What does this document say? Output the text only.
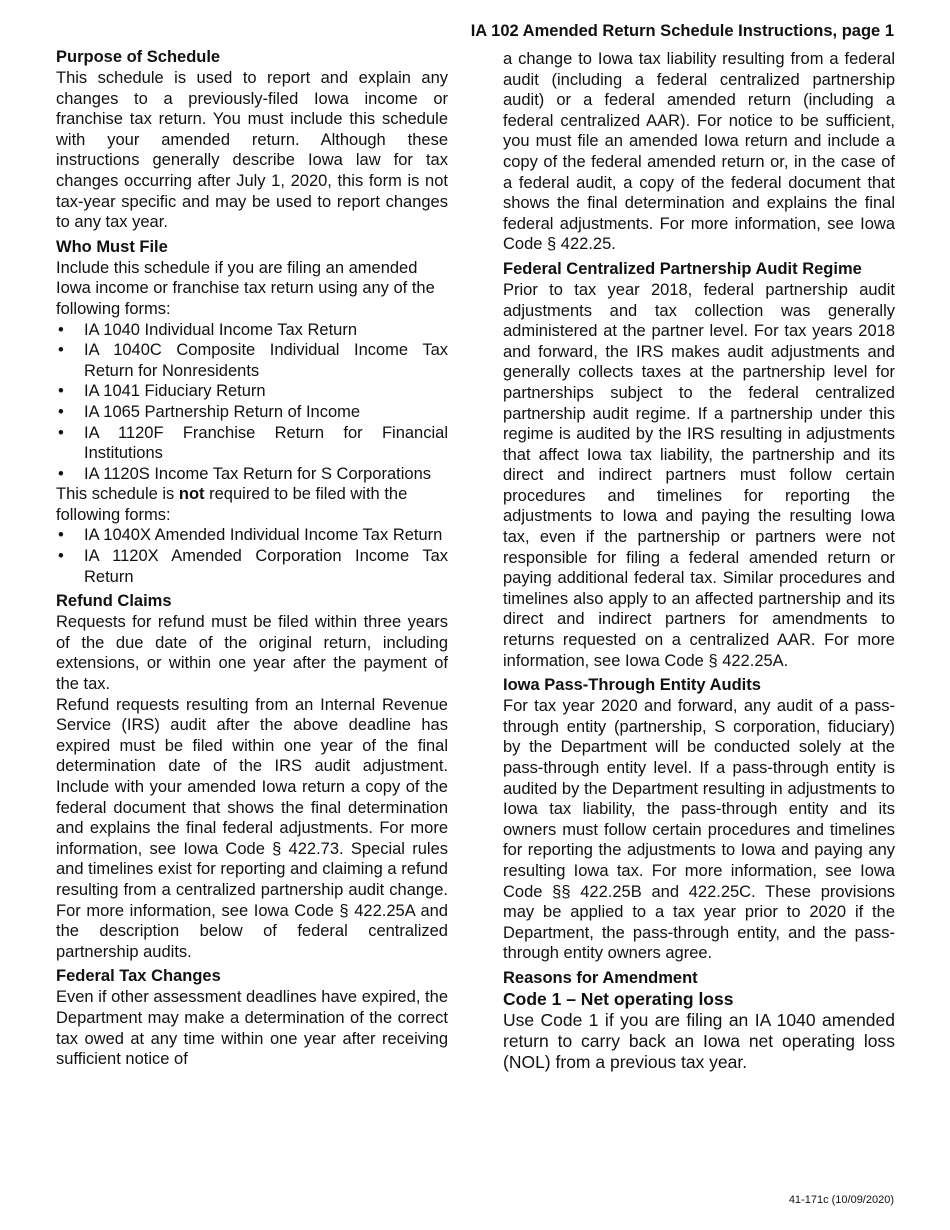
IA 102 Amended Return Schedule Instructions, page 1
Purpose of Schedule

This schedule is used to report and explain any changes to a previously-filed Iowa income or franchise tax return. You must include this schedule with your amended return. Although these instructions generally describe Iowa law for tax changes occurring after July 1, 2020, this form is not tax-year specific and may be used to report changes to any tax year.

Who Must File

Include this schedule if you are filing an amended Iowa income or franchise tax return using any of the following forms:

• IA 1040 Individual Income Tax Return
• IA 1040C Composite Individual Income Tax Return for Nonresidents
• IA 1041 Fiduciary Return
• IA 1065 Partnership Return of Income
• IA 1120F Franchise Return for Financial Institutions
• IA 1120S Income Tax Return for S Corporations

This schedule is not required to be filed with the following forms:

• IA 1040X Amended Individual Income Tax Return
• IA 1120X Amended Corporation Income Tax Return
Refund Claims

Requests for refund must be filed within three years of the due date of the original return, including extensions, or within one year after the payment of the tax.

Refund requests resulting from an Internal Revenue Service (IRS) audit after the above deadline has expired must be filed within one year of the final determination date of the IRS audit adjustment. Include with your amended Iowa return a copy of the federal document that shows the final determination and explains the final federal adjustments. For more information, see Iowa Code § 422.73. Special rules and timelines exist for reporting and claiming a refund resulting from a centralized partnership audit change. For more information, see Iowa Code § 422.25A and the description below of federal centralized partnership audits.

Federal Tax Changes

Even if other assessment deadlines have expired, the Department may make a determination of the correct tax owed at any time within one year after receiving sufficient notice of

a change to Iowa tax liability resulting from a federal audit (including a federal centralized partnership audit) or a federal amended return (including a federal centralized AAR). For notice to be sufficient, you must file an amended Iowa return and include a copy of the federal amended return or, in the case of a federal audit, a copy of the federal document that shows the final determination and explains the final federal adjustments. For more information, see Iowa Code § 422.25.

Federal Centralized Partnership Audit Regime

Prior to tax year 2018, federal partnership audit adjustments and tax collection was generally administered at the partner level. For tax years 2018 and forward, the IRS makes audit adjustments and generally collects taxes at the partnership level for partnerships subject to the federal centralized partnership audit regime. If a partnership under this regime is audited by the IRS resulting in adjustments that affect Iowa tax liability, the partnership and its direct and indirect partners must follow certain procedures and timelines for reporting the adjustments to Iowa and paying the resulting Iowa tax, even if the partnership or partners were not responsible for filing a federal amended return or paying additional federal tax. Similar procedures and timelines also apply to an affected partnership and its direct and indirect partners for amendments to returns requested on a centralized AAR. For more information, see Iowa Code § 422.25A.

Iowa Pass-Through Entity Audits

For tax year 2020 and forward, any audit of a pass-through entity (partnership, S corporation, fiduciary) by the Department will be conducted solely at the pass-through entity level. If a pass-through entity is audited by the Department resulting in adjustments to Iowa tax liability, the pass-through entity and its owners must follow certain procedures and timelines for reporting the adjustments to Iowa and paying any resulting Iowa tax. For more information, see Iowa Code §§ 422.25B and 422.25C. These provisions may be applied to a tax year prior to 2020 if the Department, the pass-through entity, and the pass-through entity owners agree.

Reasons for Amendment
Code 1 – Net operating loss

Use Code 1 if you are filing an IA 1040 amended return to carry back an Iowa net operating loss (NOL) from a previous tax year.

41-171c (10/09/2020)
